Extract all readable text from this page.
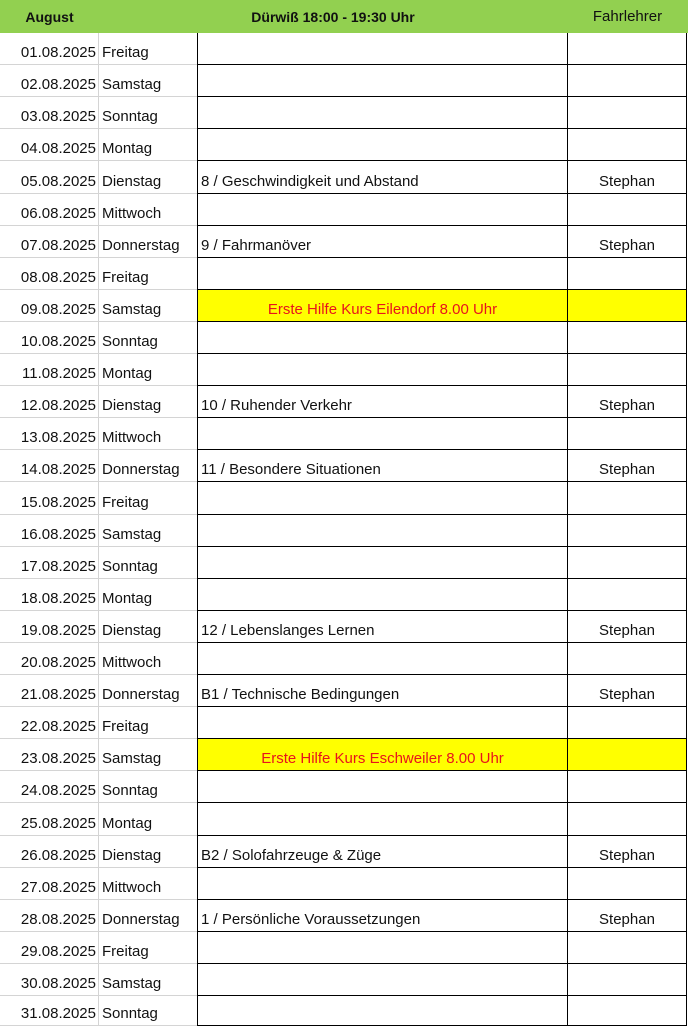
August	Dürwiß 18:00 - 19:30 Uhr	Fahrlehrer
01.08.2025 Freitag
02.08.2025 Samstag
03.08.2025 Sonntag
04.08.2025 Montag
05.08.2025 Dienstag	8 / Geschwindigkeit und Abstand	Stephan
06.08.2025 Mittwoch
07.08.2025 Donnerstag	9 / Fahrmanöver	Stephan
08.08.2025 Freitag
09.08.2025 Samstag	Erste Hilfe Kurs Eilendorf 8.00 Uhr
10.08.2025 Sonntag
11.08.2025 Montag
12.08.2025 Dienstag	10 / Ruhender Verkehr	Stephan
13.08.2025 Mittwoch
14.08.2025 Donnerstag	11 / Besondere Situationen	Stephan
15.08.2025 Freitag
16.08.2025 Samstag
17.08.2025 Sonntag
18.08.2025 Montag
19.08.2025 Dienstag	12 / Lebenslanges Lernen	Stephan
20.08.2025 Mittwoch
21.08.2025 Donnerstag	B1 / Technische Bedingungen	Stephan
22.08.2025 Freitag
23.08.2025 Samstag	Erste Hilfe Kurs Eschweiler 8.00 Uhr
24.08.2025 Sonntag
25.08.2025 Montag
26.08.2025 Dienstag	B2 / Solofahrzeuge & Züge	Stephan
27.08.2025 Mittwoch
28.08.2025 Donnerstag	1 / Persönliche Voraussetzungen	Stephan
29.08.2025 Freitag
30.08.2025 Samstag
31.08.2025 Sonntag
